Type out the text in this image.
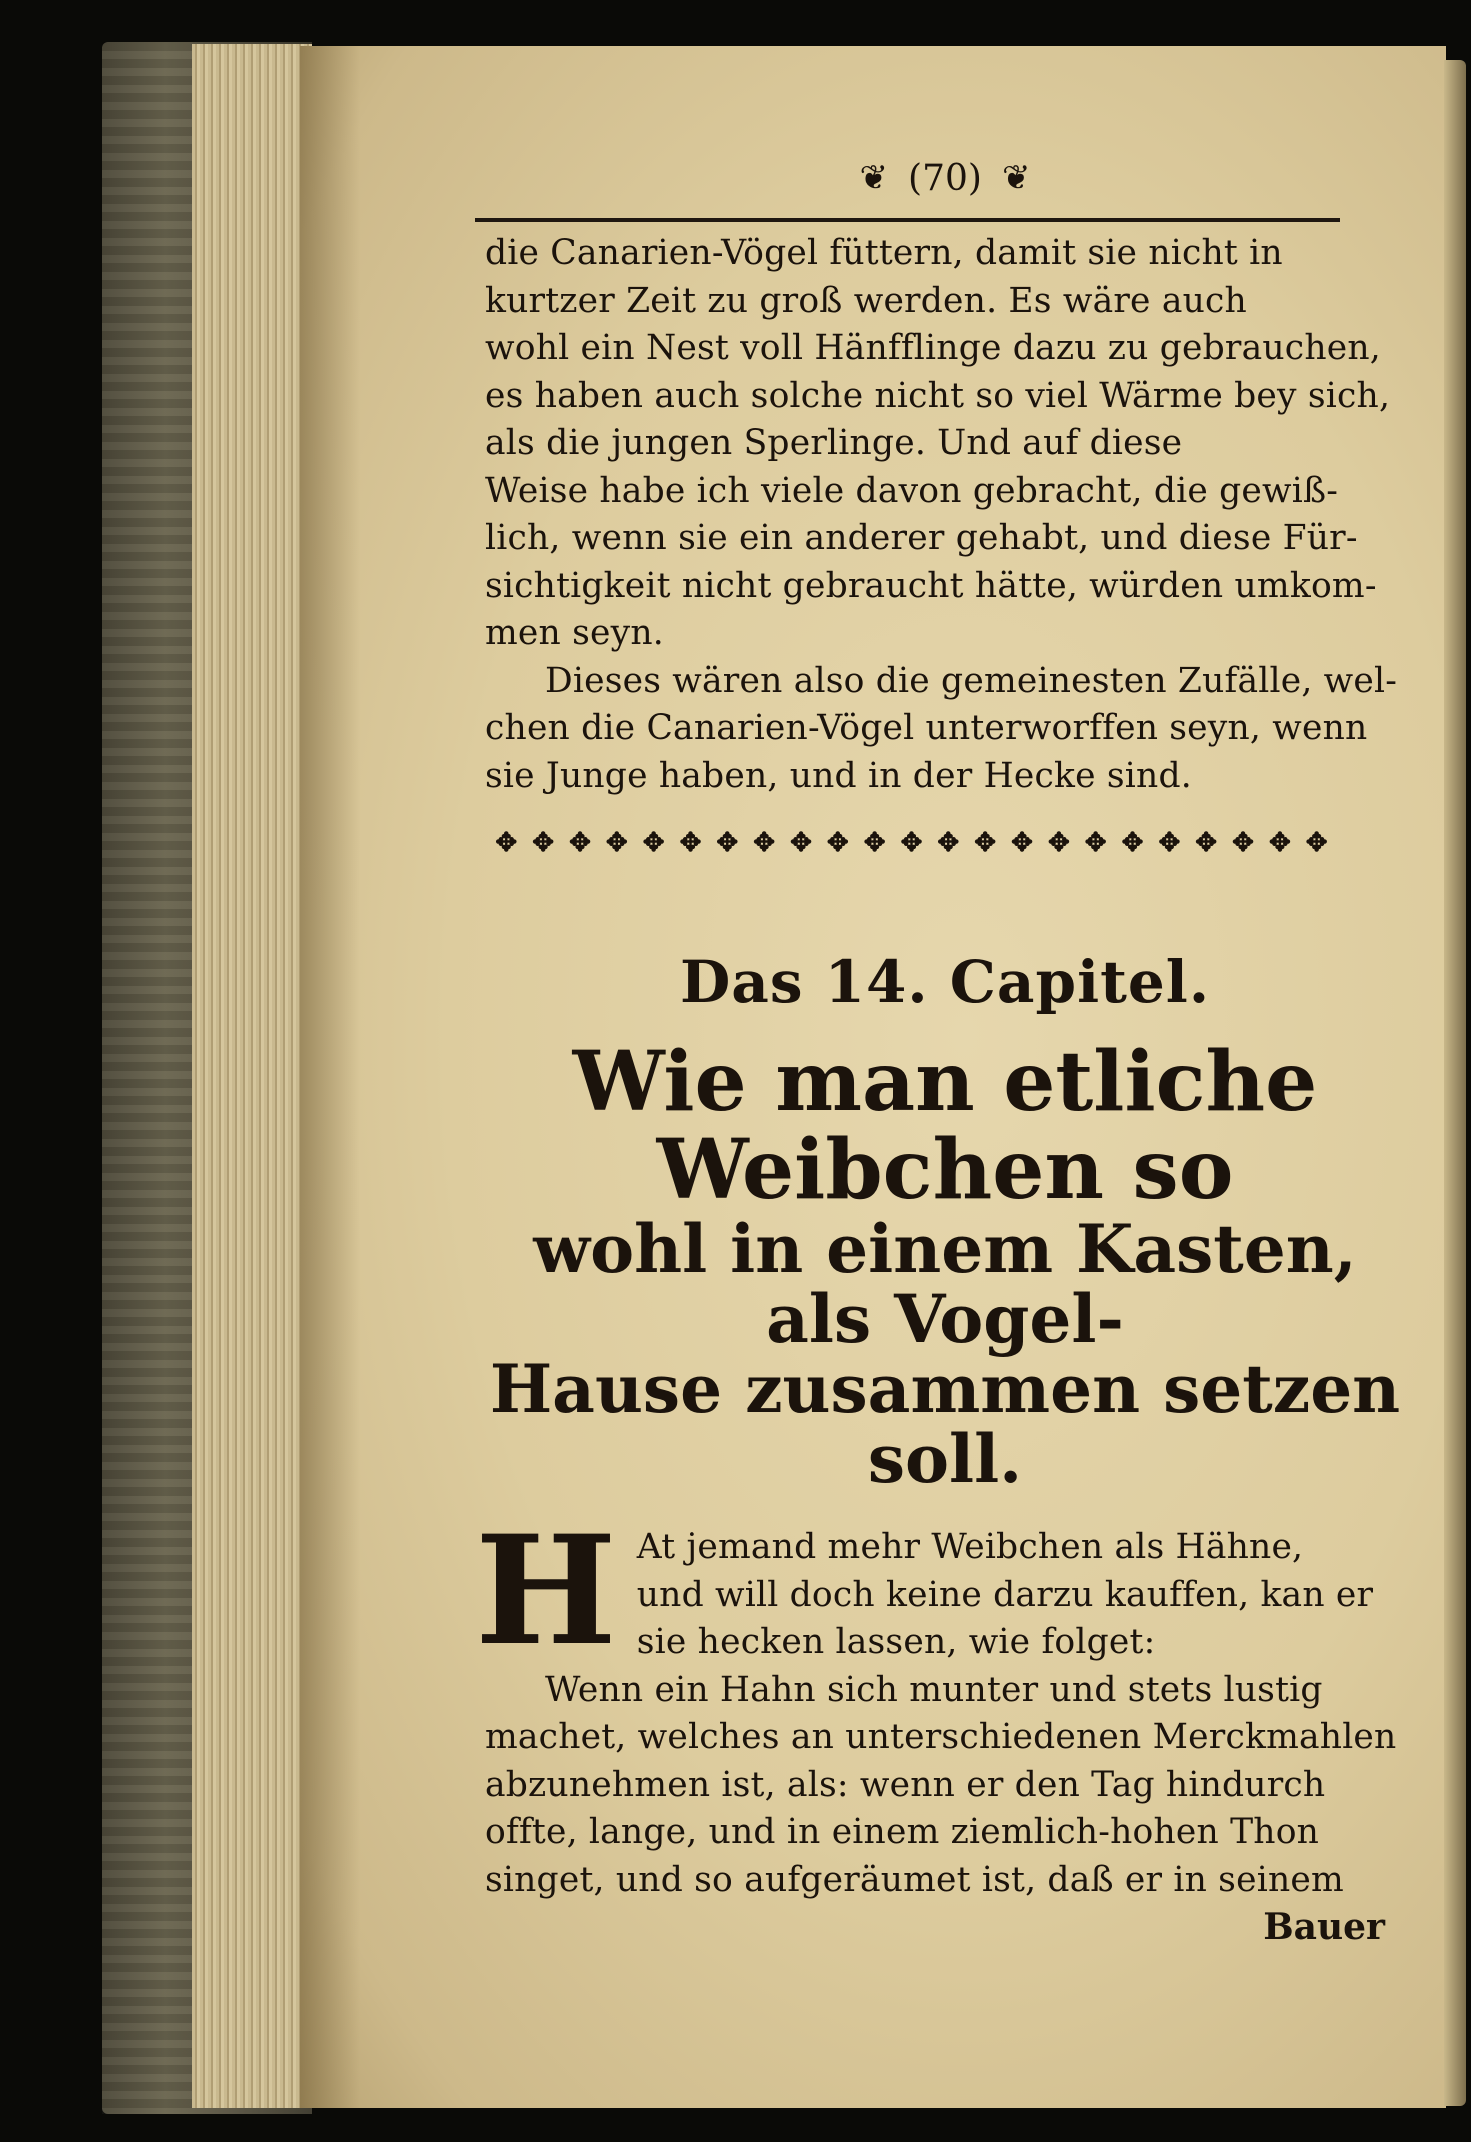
❦ (70) ❦

die Canarien-Vögel füttern, damit sie nicht in
kurtzer Zeit zu groß werden. Es wäre auch
wohl ein Nest voll Hänfflinge dazu zu gebrauchen,
es haben auch solche nicht so viel Wärme bey sich,
als die jungen Sperlinge. Und auf diese
Weise habe ich viele davon gebracht, die gewiß-
lich, wenn sie ein anderer gehabt, und diese Für-
sichtigkeit nicht gebraucht hätte, würden umkom-
men seyn.

Dieses wären also die gemeinesten Zufälle, wel-
chen die Canarien-Vögel unterworffen seyn, wenn
sie Junge haben, und in der Hecke sind.

✥ ✥ ✥ ✥ ✥ ✥ ✥ ✥ ✥ ✥ ✥ ✥ ✥ ✥ ✥ ✥ ✥ ✥ ✥ ✥ ✥ ✥ ✥
Das 14. Capitel.
Wie man etliche Weibchen so
wohl in einem Kasten, als Vogel-
Hause zusammen setzen
soll.
H At jemand mehr Weibchen als Hähne,
und will doch keine darzu kauffen, kan er
sie hecken lassen, wie folget:

Wenn ein Hahn sich munter und stets lustig
machet, welches an unterschiedenen Merckmahlen
abzunehmen ist, als: wenn er den Tag hindurch
offte, lange, und in einem ziemlich-hohen Thon
singet, und so aufgeräumet ist, daß er in seinem

Bauer
